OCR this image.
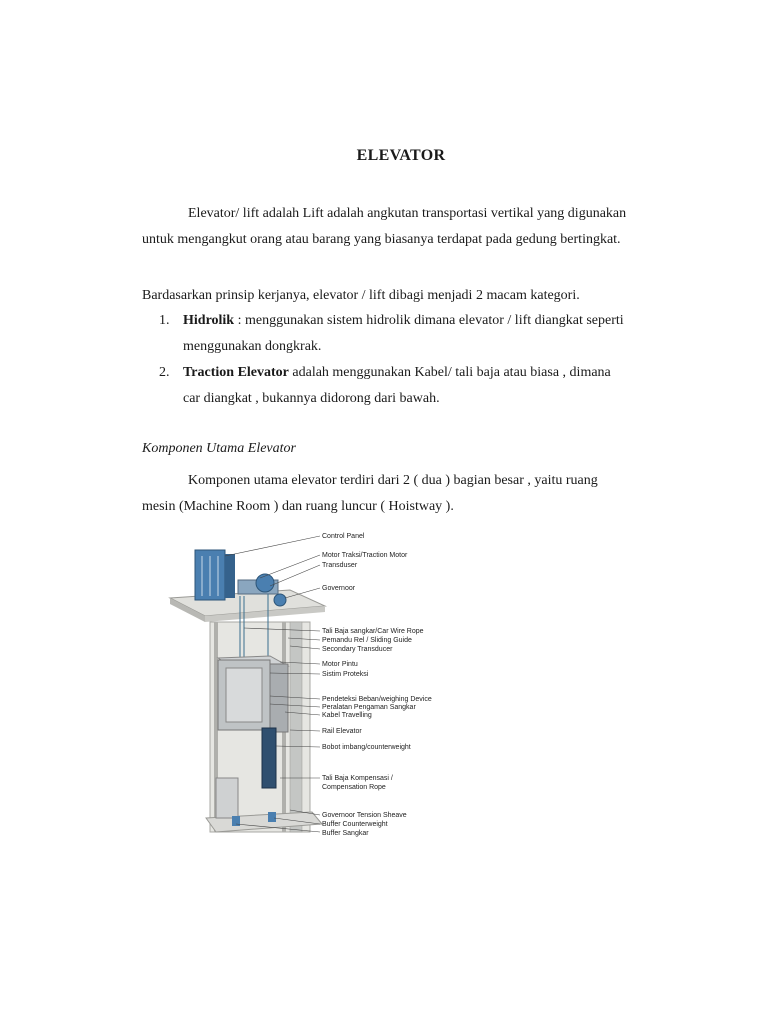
ELEVATOR
Elevator/ lift adalah Lift adalah angkutan transportasi vertikal yang digunakan
untuk mengangkut orang atau barang yang biasanya terdapat pada gedung bertingkat.
Bardasarkan prinsip kerjanya, elevator / lift dibagi menjadi 2 macam kategori.
1. Hidrolik : menggunakan sistem hidrolik dimana elevator / lift diangkat seperti
menggunakan dongkrak.
2. Traction Elevator adalah menggunakan Kabel/ tali baja atau biasa , dimana
car diangkat , bukannya didorong dari bawah.
Komponen Utama Elevator
Komponen utama elevator terdiri dari 2 ( dua ) bagian besar , yaitu ruang
mesin (Machine Room ) dan ruang luncur ( Hoistway ).
Control Panel
Motor Traksi/Traction Motor
Transduser
Governoor
Tali Baja sangkar/Car Wire Rope
Pemandu Rel / Sliding Guide
Secondary Transducer
Motor Pintu
Sistim Proteksi
Pendeteksi Beban/weighing Device
Peralatan Pengaman Sangkar
Kabel Travelling
Rail Elevator
Bobot imbang/counterweight
Tali Baja Kompensasi /
Compensation Rope
Governoor Tension Sheave
Buffer Counterweight
Buffer Sangkar
